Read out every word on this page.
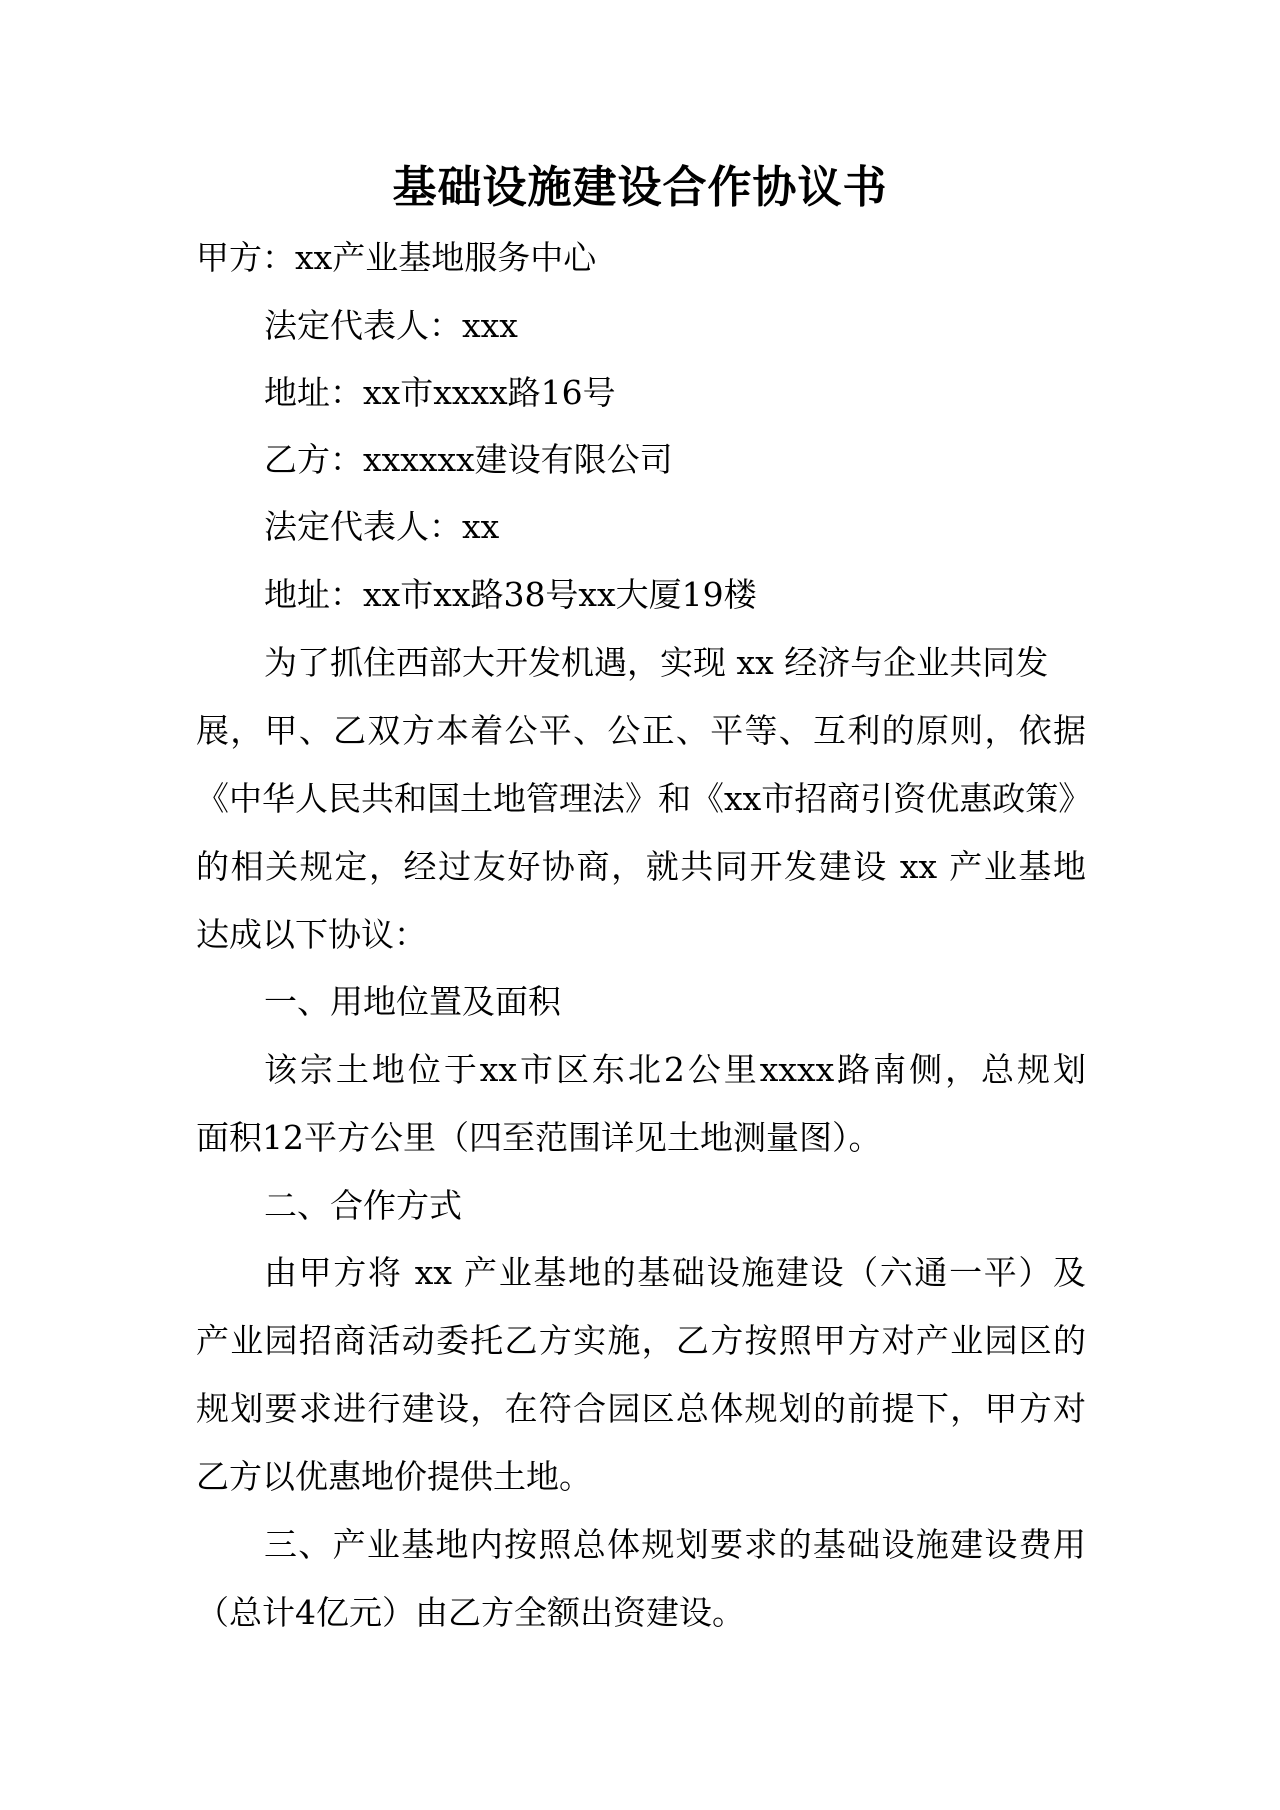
基础设施建设合作协议书
甲方：xx产业基地服务中心
法定代表人：xxx
地址：xx市xxxx路16号
乙方：xxxxxx建设有限公司
法定代表人：xx
地址：xx市xx路38号xx大厦19楼
为了抓住西部大开发机遇，实现 xx 经济与企业共同发
展，甲、乙双方本着公平、公正、平等、互利的原则，依据
《中华人民共和国土地管理法》和《xx市招商引资优惠政策》
的相关规定，经过友好协商，就共同开发建设 xx 产业基地
达成以下协议：
一、用地位置及面积
该宗土地位于xx市区东北2公里xxxx路南侧，总规划
面积12平方公里（四至范围详见土地测量图）。
二、合作方式
由甲方将 xx 产业基地的基础设施建设（六通一平）及
产业园招商活动委托乙方实施，乙方按照甲方对产业园区的
规划要求进行建设，在符合园区总体规划的前提下，甲方对
乙方以优惠地价提供土地。
三、产业基地内按照总体规划要求的基础设施建设费用
（总计4亿元）由乙方全额出资建设。
